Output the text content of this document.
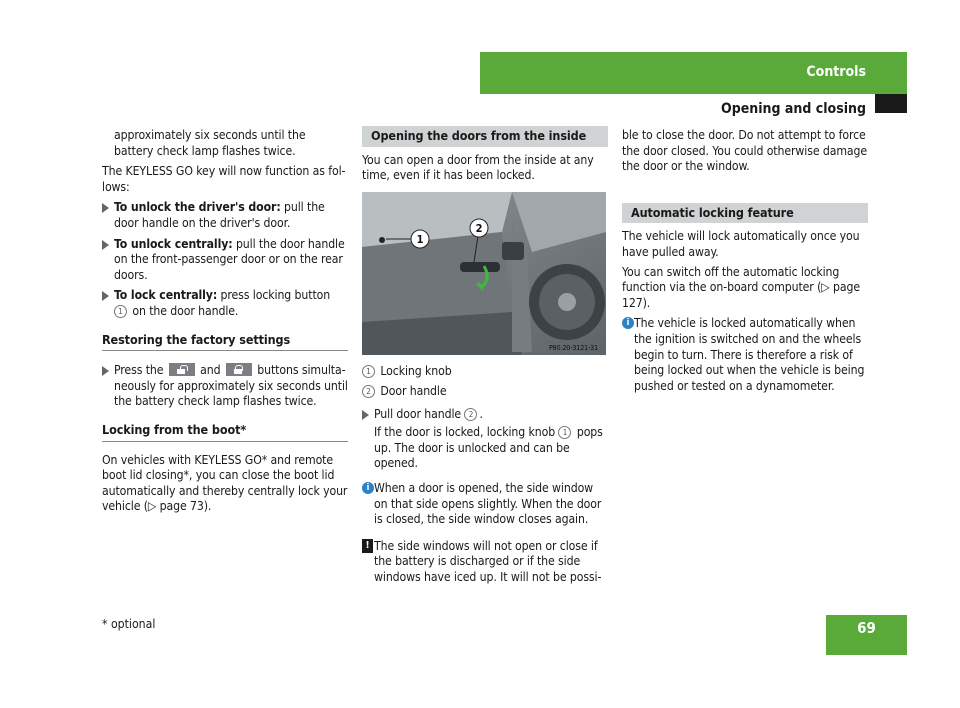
Controls
Opening and closing

approximately six seconds until the battery check lamp flashes twice.

The KEYLESS GO key will now function as fol-lows:

To unlock the driver's door: pull the door handle on the driver's door.
To unlock centrally: pull the door handle on the front-passenger door or on the rear doors.
To lock centrally: press locking button 1 on the door handle.
Restoring the factory settings
Press the
and
buttons simulta-neously for approximately six seconds until the battery check lamp flashes twice.
Locking from the boot*

On vehicles with KEYLESS GO* and remote boot lid closing*, you can close the boot lid automatically and thereby centrally lock your vehicle (▷ page 73).

Opening the doors from the inside

You can open a door from the inside at any time, even if it has been locked.

1
2
P80.20-3121-31
1 Locking knob
2 Door handle
Pull door handle 2 .

If the door is locked, locking knob 1 pops up. The door is unlocked and can be opened.

i When a door is opened, the side window on that side opens slightly. When the door is closed, the side window closes again.
! The side windows will not open or close if the battery is discharged or if the side windows have iced up. It will not be possi-

ble to close the door. Do not attempt to force the door closed. You could otherwise damage the door or the window.

Automatic locking feature

The vehicle will lock automatically once you have pulled away.

You can switch off the automatic locking function via the on-board computer (▷ page 127).

i The vehicle is locked automatically when the ignition is switched on and the wheels begin to turn. There is therefore a risk of being locked out when the vehicle is being pushed or tested on a dynamometer.
* optional	69
